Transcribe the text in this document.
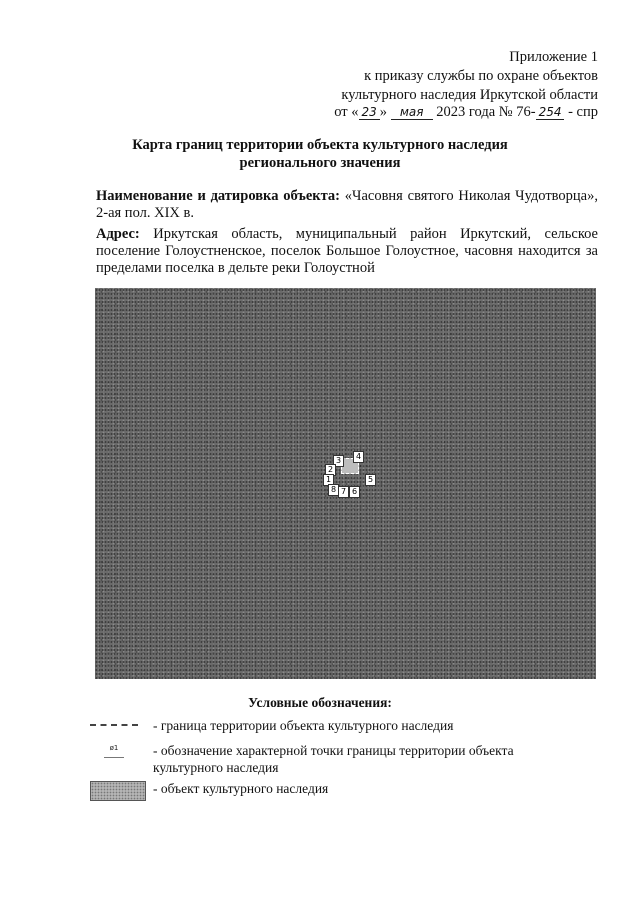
Приложение 1
к приказу службы по охране объектов
культурного наследия Иркутской области
от « 23 » мая 2023 года № 76- 254 - спр
Карта границ территории объекта культурного наследия
регионального значения
Наименование и датировка объекта: «Часовня святого Николая Чудотворца», 2-ая пол. XIX в.
Адрес: Иркутская область, муниципальный район Иркутский, сельское поселение Голоустненское, поселок Большое Голоустное, часовня находится за пределами поселка в дельте реки Голоустной
3	4
2
1	5
8 7 6
Условные обозначения:
- граница территории объекта культурного наследия
ø1	- обозначение характерной точки границы территории объекта культурного наследия
- объект культурного наследия
